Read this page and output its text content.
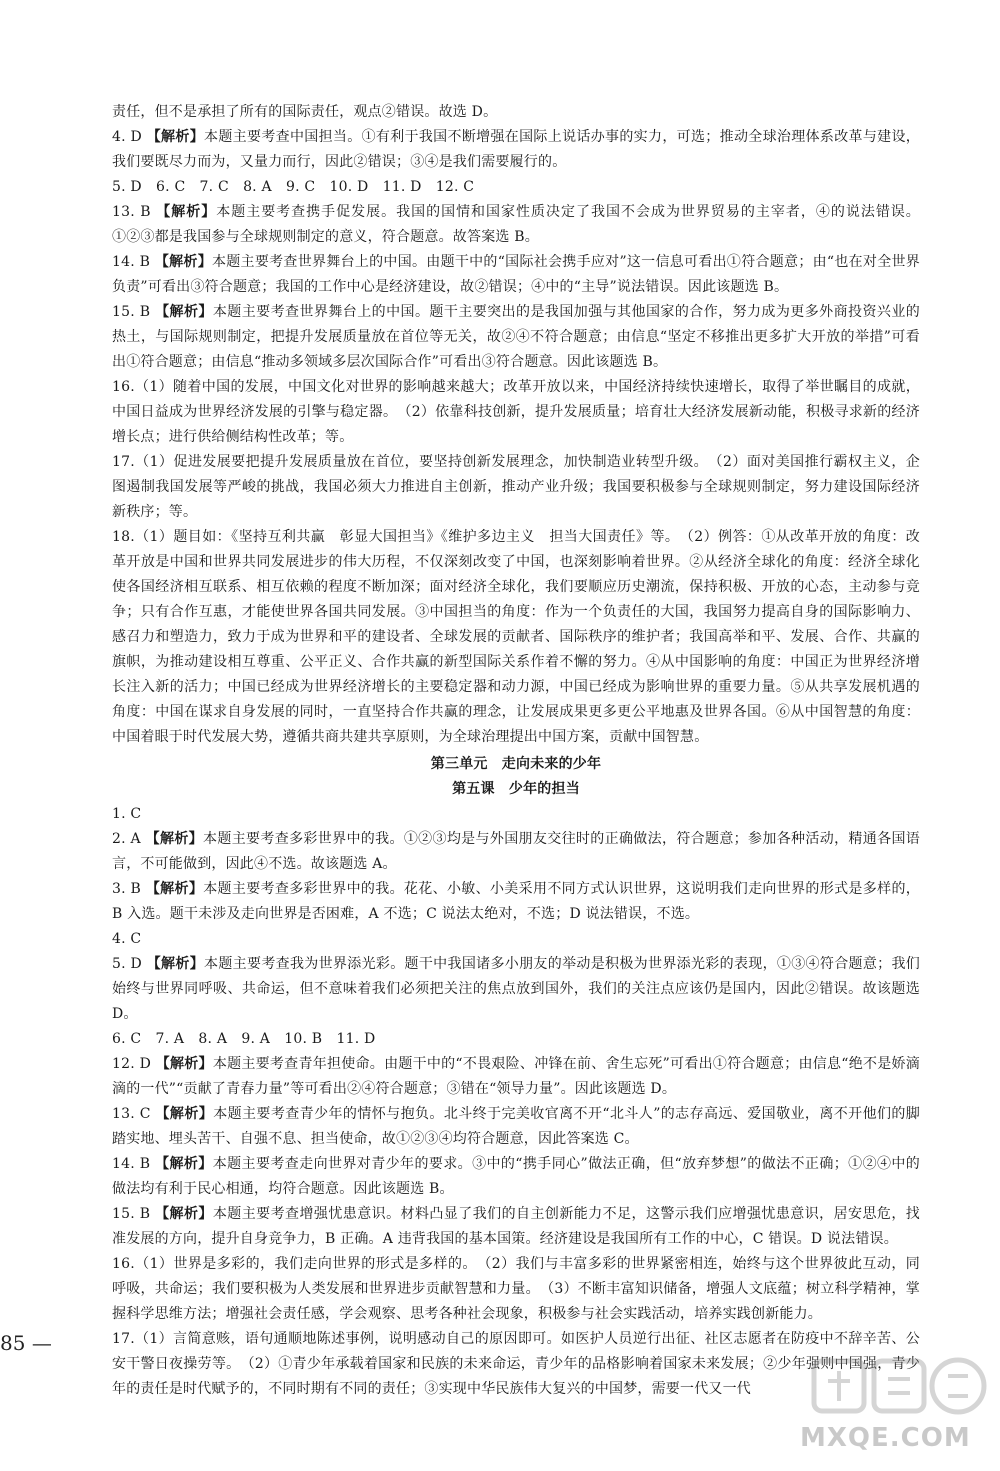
责任，但不是承担了所有的国际责任，观点②错误。故选 D。
4. D 【解析】本题主要考查中国担当。①有利于我国不断增强在国际上说话办事的实力，可选；推动全球治理体系改革与建设，我们要既尽力而为，又量力而行，因此②错误；③④是我们需要履行的。
5. D　6. C　7. C　8. A　9. C　10. D　11. D　12. C
13. B 【解析】本题主要考查携手促发展。我国的国情和国家性质决定了我国不会成为世界贸易的主宰者，④的说法错误。①②③都是我国参与全球规则制定的意义，符合题意。故答案选 B。
14. B 【解析】本题主要考查世界舞台上的中国。由题干中的“国际社会携手应对”这一信息可看出①符合题意；由“也在对全世界负责”可看出③符合题意；我国的工作中心是经济建设，故②错误；④中的“主导”说法错误。因此该题选 B。
15. B 【解析】本题主要考查世界舞台上的中国。题干主要突出的是我国加强与其他国家的合作，努力成为更多外商投资兴业的热土，与国际规则制定，把提升发展质量放在首位等无关，故②④不符合题意；由信息“坚定不移推出更多扩大开放的举措”可看出①符合题意；由信息“推动多领域多层次国际合作”可看出③符合题意。因此该题选 B。
16.（1）随着中国的发展，中国文化对世界的影响越来越大；改革开放以来，中国经济持续快速增长，取得了举世瞩目的成就，中国日益成为世界经济发展的引擎与稳定器。　（2）依靠科技创新，提升发展质量；培育壮大经济发展新动能，积极寻求新的经济增长点；进行供给侧结构性改革；等。
17.（1）促进发展要把提升发展质量放在首位，要坚持创新发展理念，加快制造业转型升级。　（2）面对美国推行霸权主义，企图遏制我国发展等严峻的挑战，我国必须大力推进自主创新，推动产业升级；我国要积极参与全球规则制定，努力建设国际经济新秩序；等。
18.（1）题目如：《坚持互利共赢　彰显大国担当》《维护多边主义　担当大国责任》等。　（2）例答：①从改革开放的角度：改革开放是中国和世界共同发展进步的伟大历程，不仅深刻改变了中国，也深刻影响着世界。②从经济全球化的角度：经济全球化使各国经济相互联系、相互依赖的程度不断加深；面对经济全球化，我们要顺应历史潮流，保持积极、开放的心态，主动参与竞争；只有合作互惠，才能使世界各国共同发展。③中国担当的角度：作为一个负责任的大国，我国努力提高自身的国际影响力、感召力和塑造力，致力于成为世界和平的建设者、全球发展的贡献者、国际秩序的维护者；我国高举和平、发展、合作、共赢的旗帜，为推动建设相互尊重、公平正义、合作共赢的新型国际关系作着不懈的努力。④从中国影响的角度：中国正为世界经济增长注入新的活力；中国已经成为世界经济增长的主要稳定器和动力源，中国已经成为影响世界的重要力量。⑤从共享发展机遇的角度：中国在谋求自身发展的同时，一直坚持合作共赢的理念，让发展成果更多更公平地惠及世界各国。⑥从中国智慧的角度：中国着眼于时代发展大势，遵循共商共建共享原则，为全球治理提出中国方案，贡献中国智慧。
第三单元　走向未来的少年
第五课　少年的担当
1. C
2. A 【解析】本题主要考查多彩世界中的我。①②③均是与外国朋友交往时的正确做法，符合题意；参加各种活动，精通各国语言，不可能做到，因此④不选。故该题选 A。
3. B 【解析】本题主要考查多彩世界中的我。花花、小敏、小美采用不同方式认识世界，这说明我们走向世界的形式是多样的，B 入选。题干未涉及走向世界是否困难，A 不选；C 说法太绝对，不选；D 说法错误，不选。
4. C
5. D 【解析】本题主要考查我为世界添光彩。题干中我国诸多小朋友的举动是积极为世界添光彩的表现，①③④符合题意；我们始终与世界同呼吸、共命运，但不意味着我们必须把关注的焦点放到国外，我们的关注点应该仍是国内，因此②错误。故该题选 D。
6. C　7. A　8. A　9. A　10. B　11. D
12. D 【解析】本题主要考查青年担使命。由题干中的“不畏艰险、冲锋在前、舍生忘死”可看出①符合题意；由信息“绝不是娇滴滴的一代”“贡献了青春力量”等可看出②④符合题意；③错在“领导力量”。因此该题选 D。
13. C 【解析】本题主要考查青少年的情怀与抱负。北斗终于完美收官离不开“北斗人”的志存高远、爱国敬业，离不开他们的脚踏实地、埋头苦干、自强不息、担当使命，故①②③④均符合题意，因此答案选 C。
14. B 【解析】本题主要考查走向世界对青少年的要求。③中的“携手同心”做法正确，但“放弃梦想”的做法不正确；①②④中的做法均有利于民心相通，均符合题意。因此该题选 B。
15. B 【解析】本题主要考查增强忧患意识。材料凸显了我们的自主创新能力不足，这警示我们应增强忧患意识，居安思危，找准发展的方向，提升自身竞争力，B 正确。A 违背我国的基本国策。经济建设是我国所有工作的中心，C 错误。D 说法错误。
16.（1）世界是多彩的，我们走向世界的形式是多样的。　（2）我们与丰富多彩的世界紧密相连，始终与这个世界彼此互动，同呼吸，共命运；我们要积极为人类发展和世界进步贡献智慧和力量。　（3）不断丰富知识储备，增强人文底蕴；树立科学精神，掌握科学思维方法；增强社会责任感，学会观察、思考各种社会现象，积极参与社会实践活动，培养实践创新能力。
17.（1）言简意赅，语句通顺地陈述事例，说明感动自己的原因即可。如医护人员逆行出征、社区志愿者在防疫中不辞辛苦、公安干警日夜操劳等。　（2）①青少年承载着国家和民族的未来命运，青少年的品格影响着国家未来发展；②少年强则中国强，青少年的责任是时代赋予的，不同时期有不同的责任；③实现中华民族伟大复兴的中国梦，需要一代又一代
85 —
MXQE.COM
